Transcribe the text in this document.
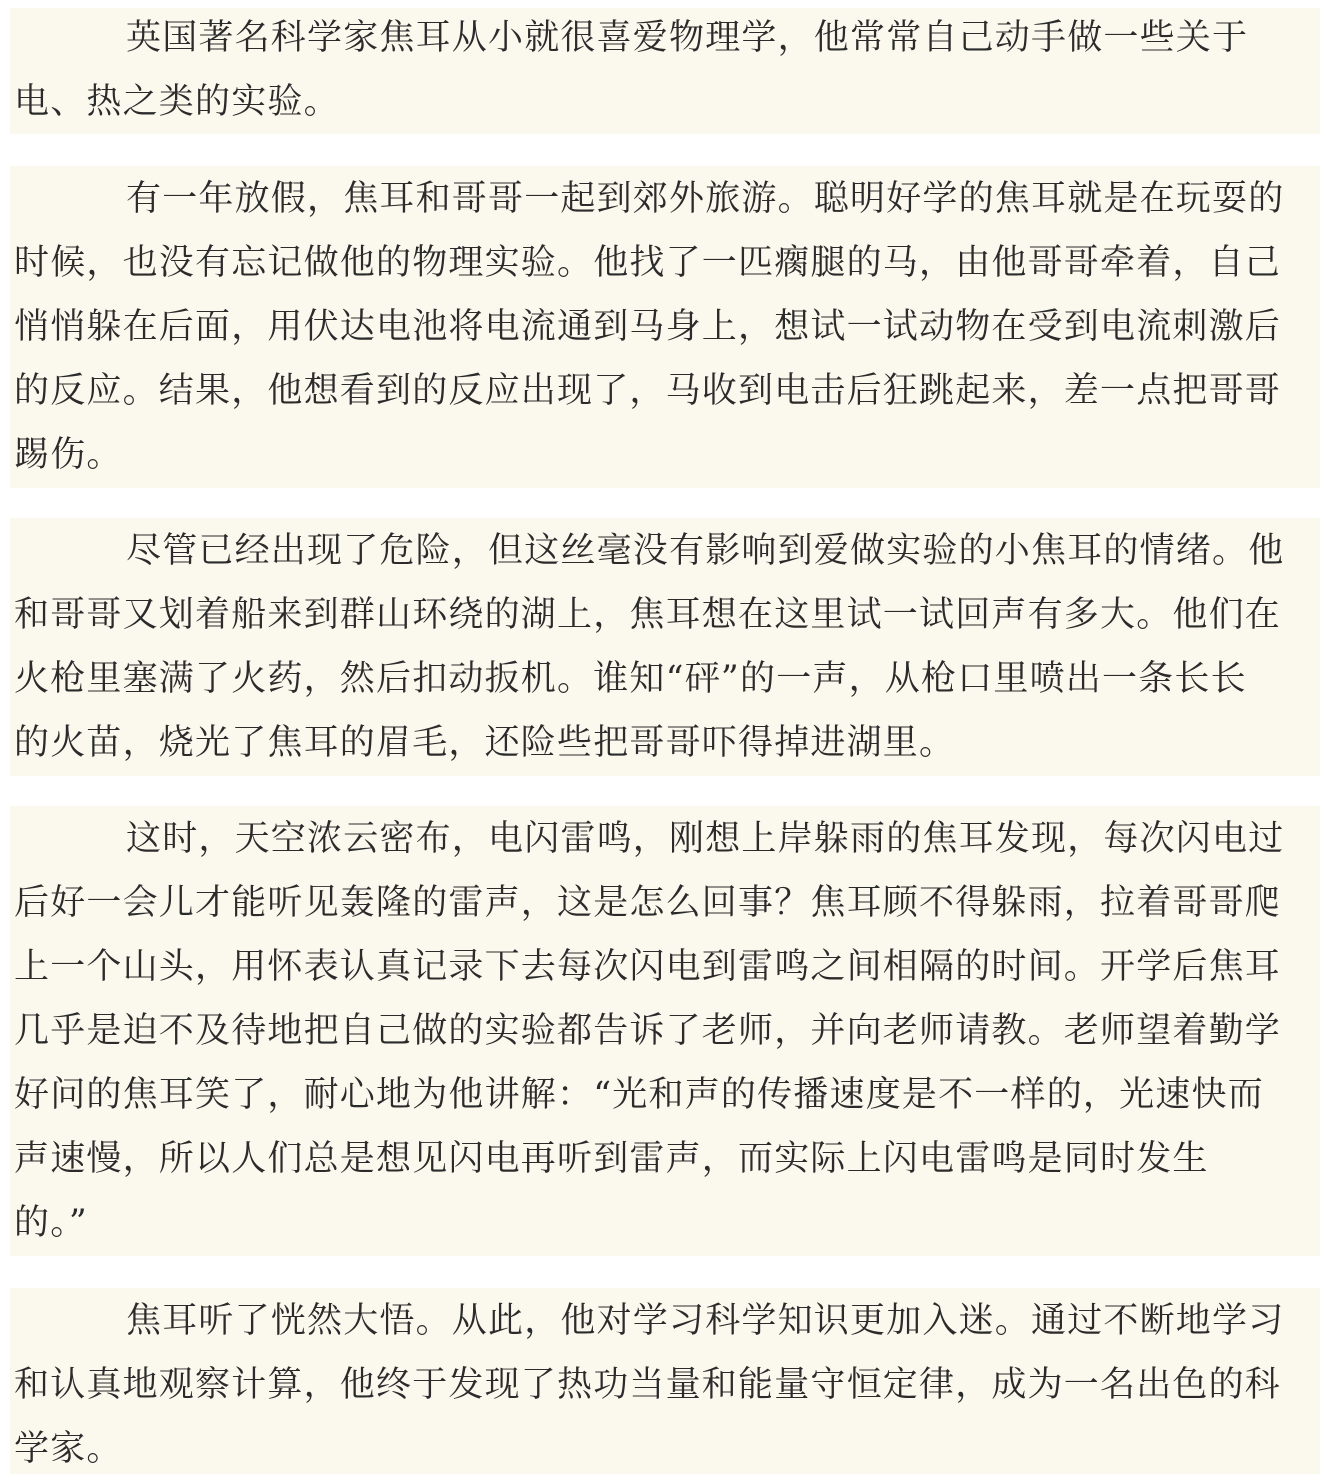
英国著名科学家焦耳从小就很喜爱物理学，他常常自己动手做一些关于
电、热之类的实验。
有一年放假，焦耳和哥哥一起到郊外旅游。聪明好学的焦耳就是在玩耍的
时候，也没有忘记做他的物理实验。他找了一匹瘸腿的马，由他哥哥牵着，自己
悄悄躲在后面，用伏达电池将电流通到马身上，想试一试动物在受到电流刺激后
的反应。结果，他想看到的反应出现了，马收到电击后狂跳起来，差一点把哥哥
踢伤。
尽管已经出现了危险，但这丝毫没有影响到爱做实验的小焦耳的情绪。他
和哥哥又划着船来到群山环绕的湖上，焦耳想在这里试一试回声有多大。他们在
火枪里塞满了火药，然后扣动扳机。谁知“砰”的一声，从枪口里喷出一条长长
的火苗，烧光了焦耳的眉毛，还险些把哥哥吓得掉进湖里。
这时，天空浓云密布，电闪雷鸣，刚想上岸躲雨的焦耳发现，每次闪电过
后好一会儿才能听见轰隆的雷声，这是怎么回事？焦耳顾不得躲雨，拉着哥哥爬
上一个山头，用怀表认真记录下去每次闪电到雷鸣之间相隔的时间。开学后焦耳
几乎是迫不及待地把自己做的实验都告诉了老师，并向老师请教。老师望着勤学
好问的焦耳笑了，耐心地为他讲解：“光和声的传播速度是不一样的，光速快而
声速慢，所以人们总是想见闪电再听到雷声，而实际上闪电雷鸣是同时发生
的。”
焦耳听了恍然大悟。从此，他对学习科学知识更加入迷。通过不断地学习
和认真地观察计算，他终于发现了热功当量和能量守恒定律，成为一名出色的科
学家。
